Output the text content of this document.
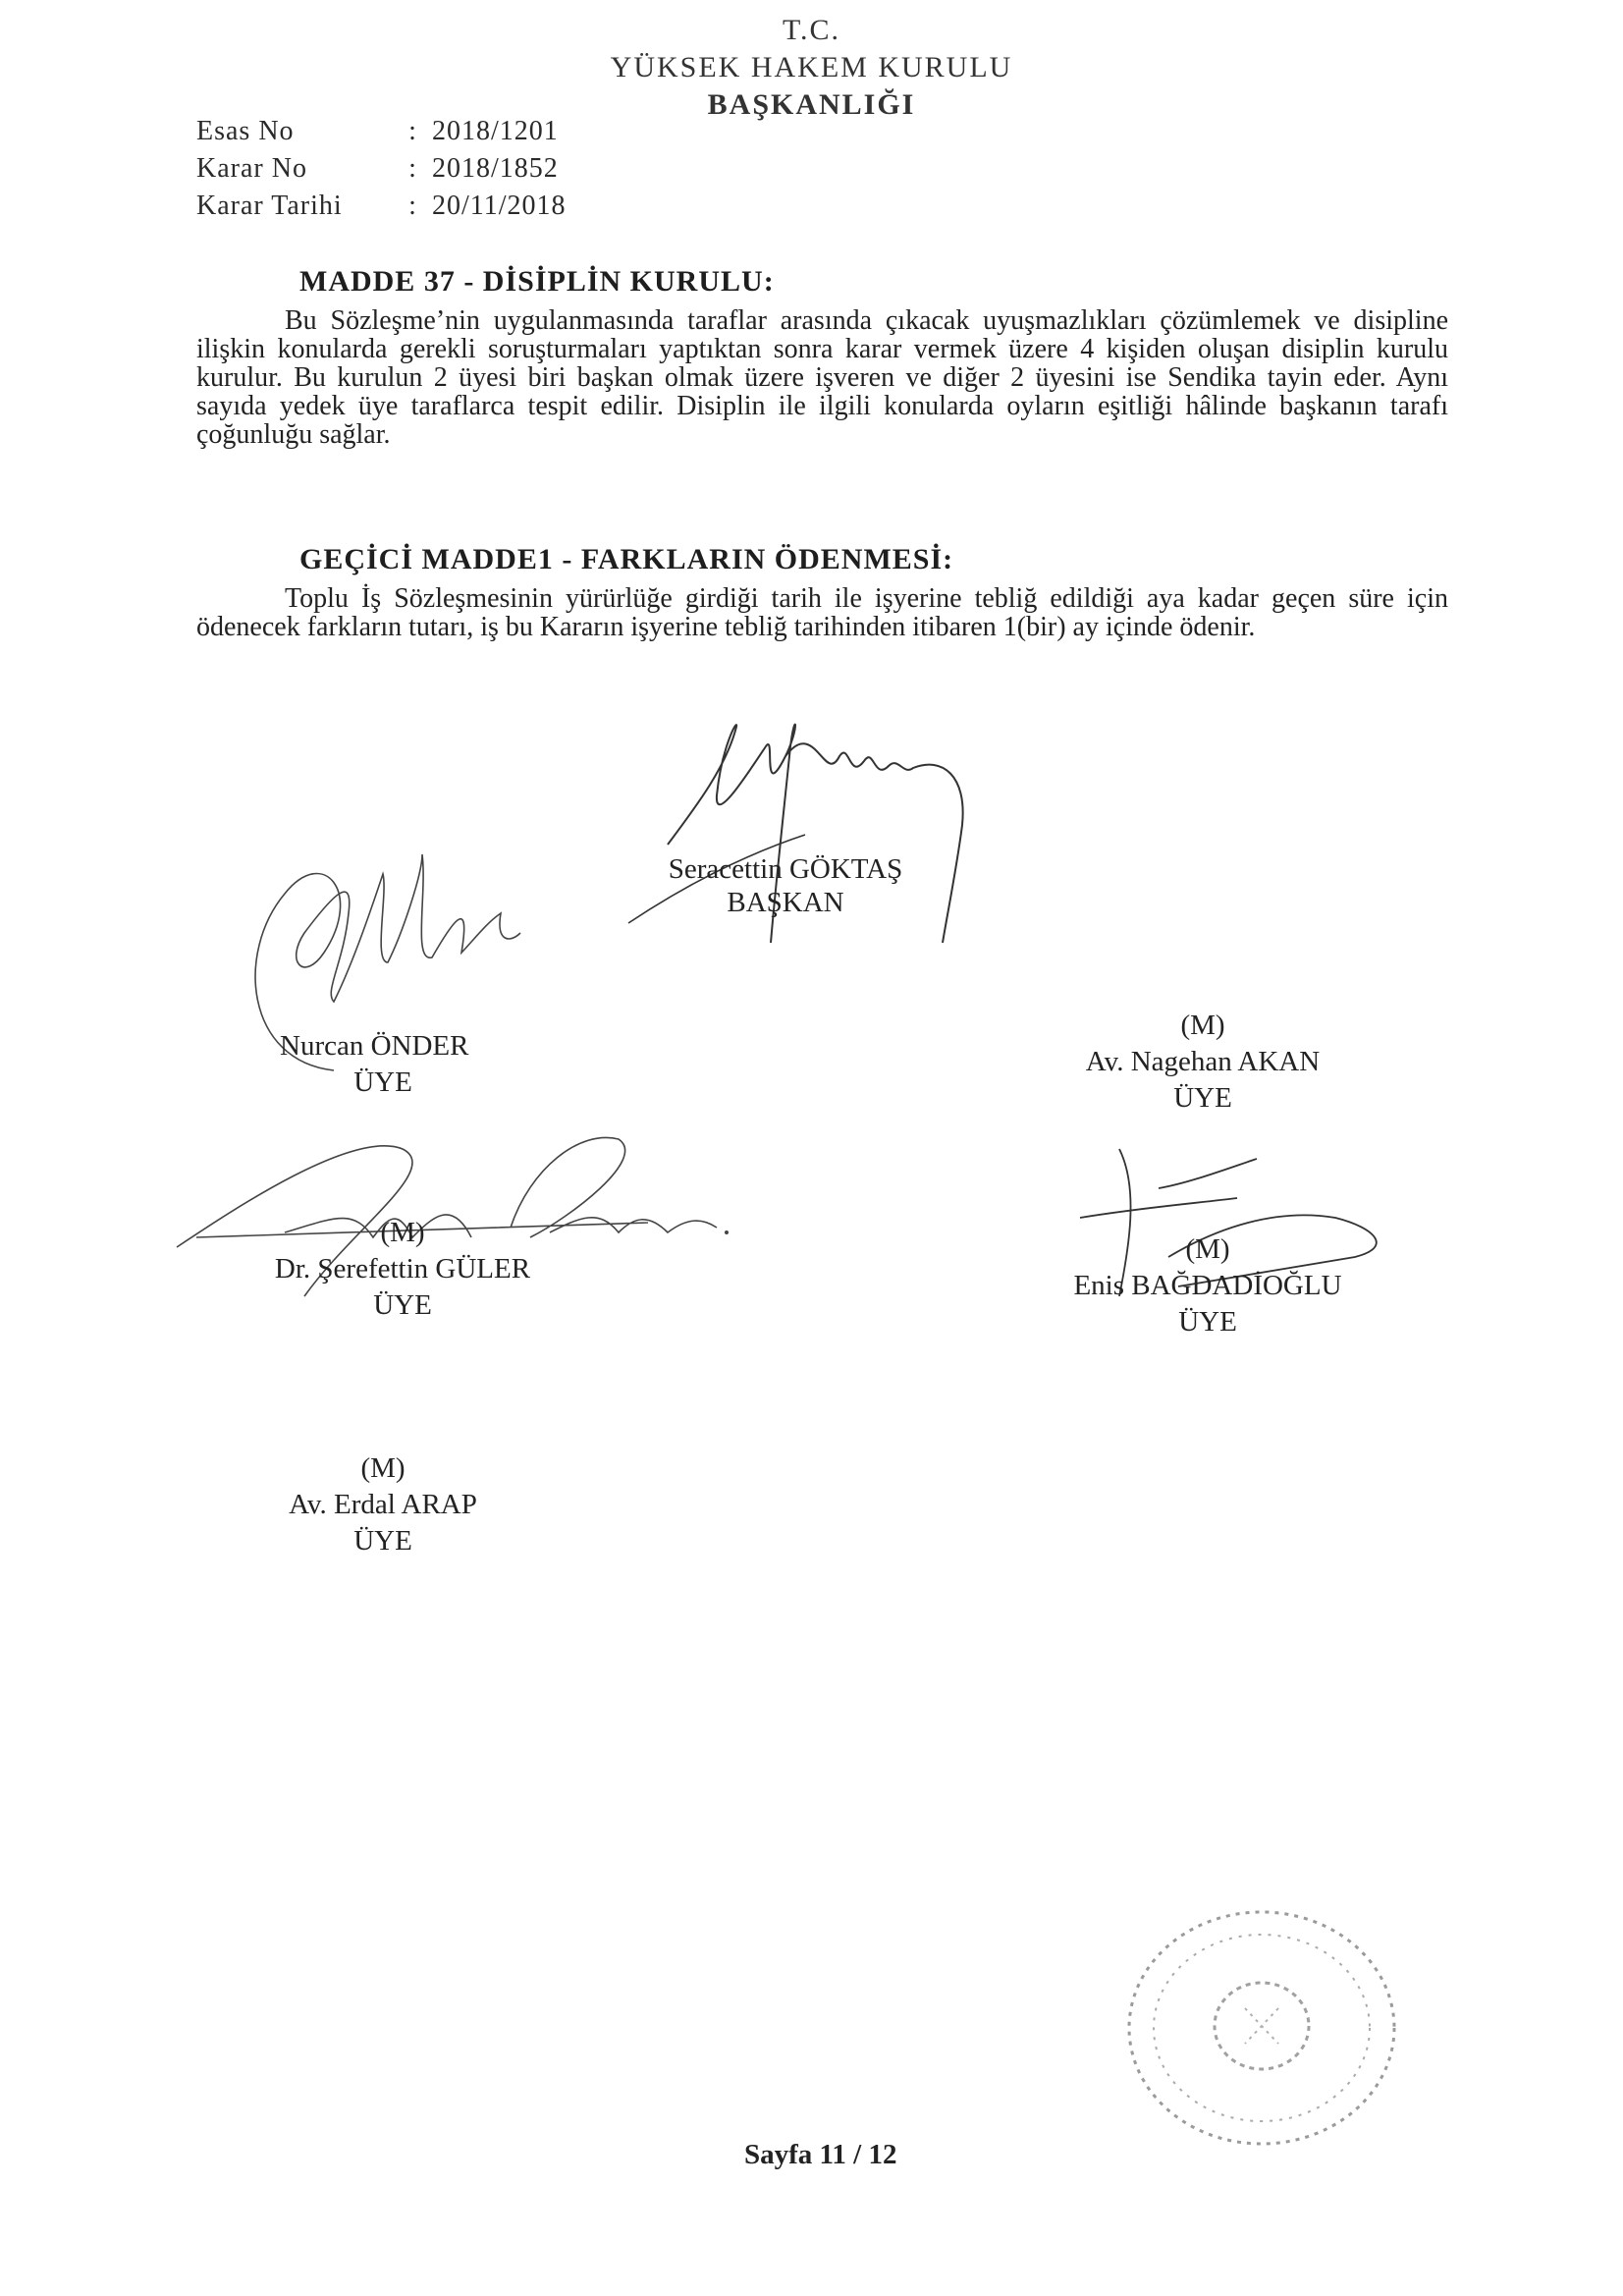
T.C.
YÜKSEK HAKEM KURULU
BAŞKANLIĞI
Esas No	: 2018/1201
Karar No	: 2018/1852
Karar Tarihi : 20/11/2018
MADDE 37 - DİSİPLİN KURULU:
Bu Sözleşme’nin uygulanmasında taraflar arasında çıkacak uyuşmazlıkları çözümlemek ve disipline ilişkin konularda gerekli soruşturmaları yaptıktan sonra karar vermek üzere 4 kişiden oluşan disiplin kurulu kurulur. Bu kurulun 2 üyesi biri başkan olmak üzere işveren ve diğer 2 üyesini ise Sendika tayin eder. Aynı sayıda yedek üye taraflarca tespit edilir. Disiplin ile ilgili konularda oyların eşitliği hâlinde başkanın tarafı çoğunluğu sağlar.
GEÇİCİ MADDE1 - FARKLARIN ÖDENMESİ:
Toplu İş Sözleşmesinin yürürlüğe girdiği tarih ile işyerine tebliğ edildiği aya kadar geçen süre için ödenecek farkların tutarı, iş bu Kararın işyerine tebliğ tarihinden itibaren 1(bir) ay içinde ödenir.
Seracettin GÖKTAŞ
BAŞKAN
Nurcan ÖNDER
ÜYE
(M)
Av. Nagehan AKAN
ÜYE
(M)
Dr. Şerefettin GÜLER
ÜYE
(M)
Enis BAĞDADİOĞLU
ÜYE
(M)
Av. Erdal ARAP
ÜYE
Sayfa 11 / 12
